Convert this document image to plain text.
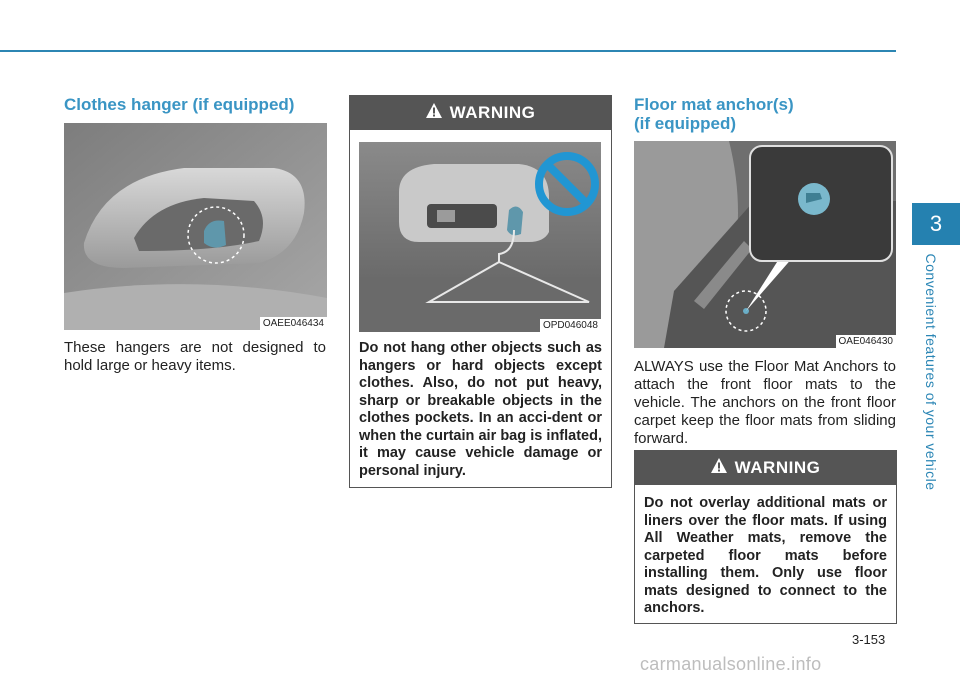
3
Convenient features of your vehicle
Clothes hanger (if equipped)
OAEE046434

These hangers are not designed to hold large or heavy items.

WARNING
OPD046048

Do not hang other objects such as hangers or hard objects except clothes. Also, do not put heavy, sharp or breakable objects in the clothes pockets. In an acci-dent or when the curtain air bag is inflated, it may cause vehicle damage or personal injury.

Floor mat anchor(s)
(if equipped)
OAE046430

ALWAYS use the Floor Mat Anchors to attach the front floor mats to the vehicle. The anchors on the front floor carpet keep the floor mats from sliding forward.

WARNING

Do not overlay additional mats or liners over the floor mats. If using All Weather mats, remove the carpeted floor mats before installing them. Only use floor mats designed to connect to the anchors.

3-153
carmanualsonline.info
